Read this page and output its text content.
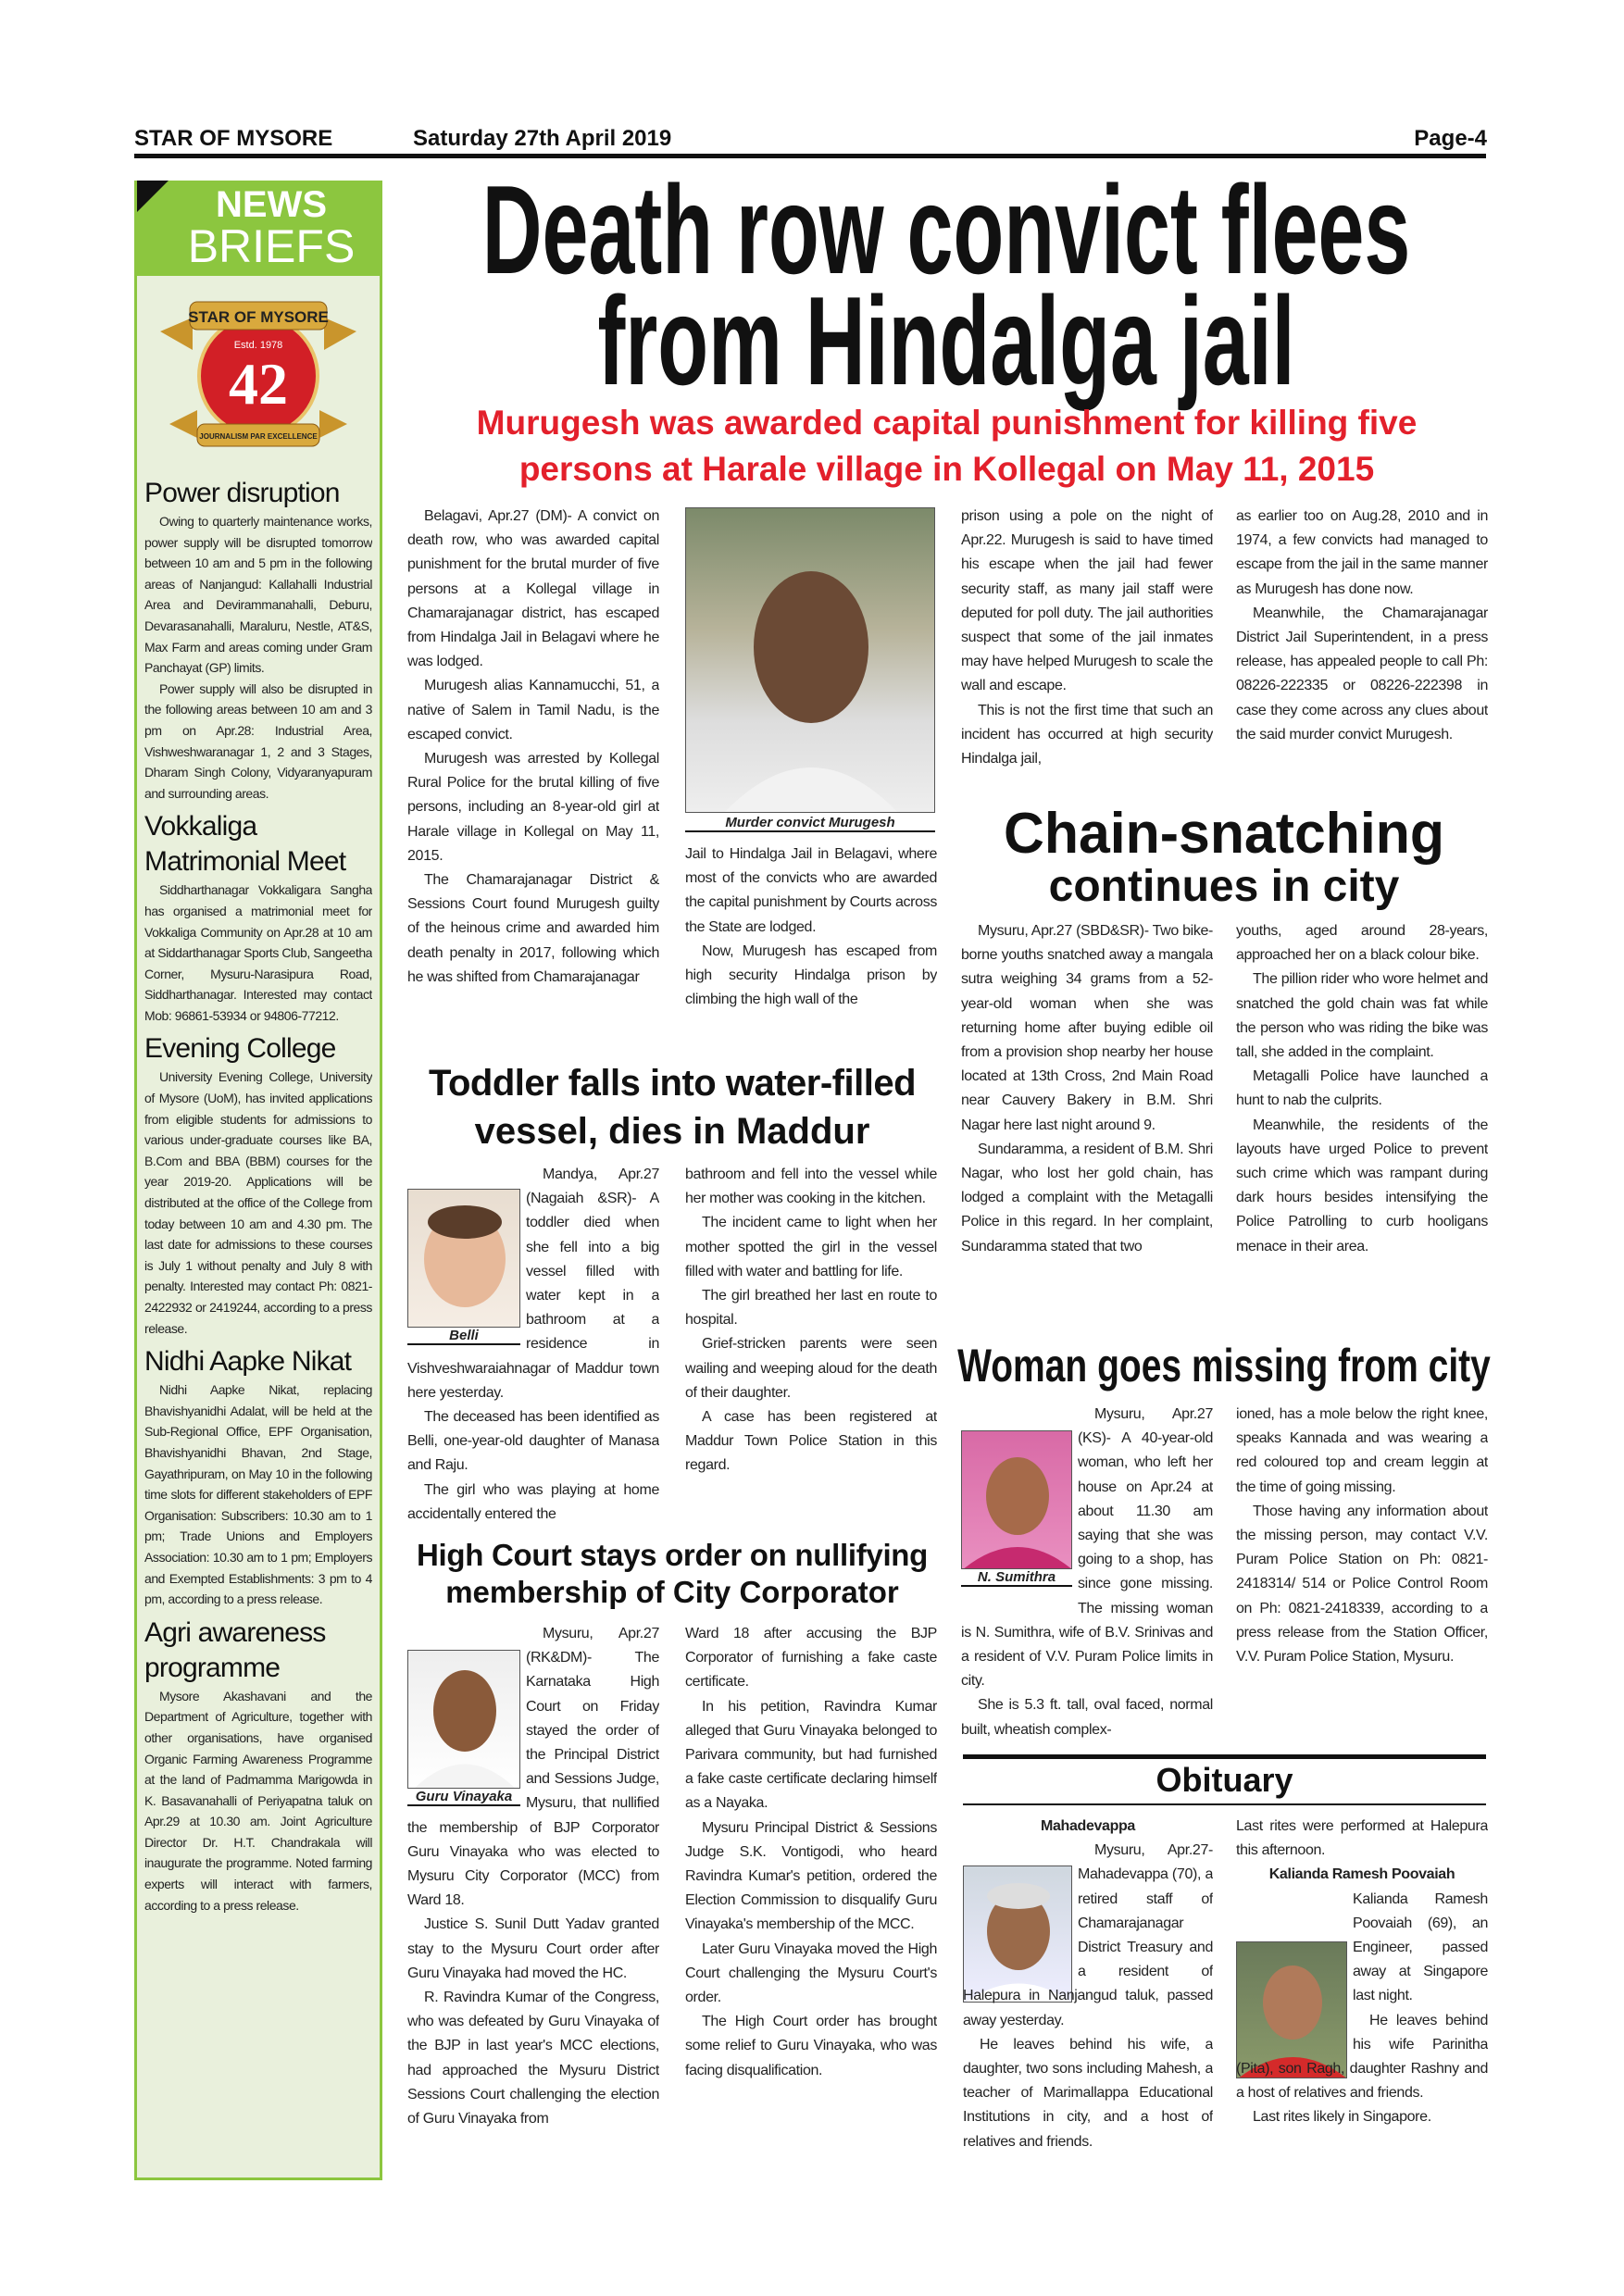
STAR OF MYSORE	Saturday 27th April 2019	Page-4
NEWS
BRIEFS
STAR OF MYSORE
Estd. 1978
42
JOURNALISM PAR EXCELLENCE
Power disruption

Owing to quarterly maintenance works, power supply will be disrupted tomorrow between 10 am and 5 pm in the following areas of Nanjangud: Kallahalli Industrial Area and Devirammanahalli, Deburu, Devarasanahalli, Maraluru, Nestle, AT&S, Max Farm and areas coming under Gram Panchayat (GP) limits.

Power supply will also be disrupted in the following areas between 10 am and 3 pm on Apr.28: Industrial Area, Vishweshwaranagar 1, 2 and 3 Stages, Dharam Singh Colony, Vidyaranyapuram and surrounding areas.

Vokkaliga Matrimonial Meet

Siddharthanagar Vokkaligara Sangha has organised a matrimonial meet for Vokkaliga Community on Apr.28 at 10 am at Siddarthanagar Sports Club, Sangeetha Corner, Mysuru-Narasipura Road, Siddharthanagar. Interested may contact Mob: 96861-53934 or 94806-77212.

Evening College

University Evening College, University of Mysore (UoM), has invited applications from eligible students for admissions to various under-graduate courses like BA, B.Com and BBA (BBM) courses for the year 2019-20. Applications will be distributed at the office of the College from today between 10 am and 4.30 pm. The last date for admissions to these courses is July 1 without penalty and July 8 with penalty. Interested may contact Ph: 0821-2422932 or 2419244, according to a press release.

Nidhi Aapke Nikat

Nidhi Aapke Nikat, replacing Bhavishyanidhi Adalat, will be held at the Sub-Regional Office, EPF Organisation, Bhavishyanidhi Bhavan, 2nd Stage, Gayathripuram, on May 10 in the following time slots for different stakeholders of EPF Organisation: Subscribers: 10.30 am to 1 pm; Trade Unions and Employers Association: 10.30 am to 1 pm; Employers and Exempted Establishments: 3 pm to 4 pm, according to a press release.

Agri awareness programme

Mysore Akashavani and the Department of Agriculture, together with other organisations, have organised Organic Farming Awareness Programme at the land of Padmamma Marigowda in K. Basavanahalli of Periyapatna taluk on Apr.29 at 10.30 am. Joint Agriculture Director Dr. H.T. Chandrakala will inaugurate the programme. Noted farming experts will interact with farmers, according to a press release.

Death row convict flees
from Hindalga jail
Murugesh was awarded capital punishment for killing five
persons at Harale village in Kollegal on May 11, 2015

Belagavi, Apr.27 (DM)- A convict on death row, who was awarded capital punishment for the brutal murder of five persons at a Kollegal village in Chamarajanagar district, has escaped from Hindalga Jail in Belagavi where he was lodged.

Murugesh alias Kannamucchi, 51, a native of Salem in Tamil Nadu, is the escaped convict.

Murugesh was arrested by Kollegal Rural Police for the brutal killing of five persons, including an 8-year-old girl at Harale village in Kollegal on May 11, 2015.

The Chamarajanagar District & Sessions Court found Murugesh guilty of the heinous crime and awarded him death penalty in 2017, following which he was shifted from Chamarajanagar

Murder convict Murugesh

Jail to Hindalga Jail in Belagavi, where most of the convicts who are awarded the capital punishment by Courts across the State are lodged.

Now, Murugesh has escaped from high security Hindalga prison by climbing the high wall of the

prison using a pole on the night of Apr.22. Murugesh is said to have timed his escape when the jail had fewer security staff, as many jail staff were deputed for poll duty. The jail authorities suspect that some of the jail inmates may have helped Murugesh to scale the wall and escape.

This is not the first time that such an incident has occurred at high security Hindalga jail,

as earlier too on Aug.28, 2010 and in 1974, a few convicts had managed to escape from the jail in the same manner as Murugesh has done now.

Meanwhile, the Chamarajanagar District Jail Superintendent, in a press release, has appealed people to call Ph: 08226-222335 or 08226-222398 in case they come across any clues about the said murder convict Murugesh.

Chain-snatching
continues in city

Mysuru, Apr.27 (SBD&SR)- Two bike-borne youths snatched away a mangala sutra weighing 34 grams from a 52-year-old woman when she was returning home after buying edible oil from a provision shop nearby her house located at 13th Cross, 2nd Main Road near Cauvery Bakery in B.M. Shri Nagar here last night around 9.

Sundaramma, a resident of B.M. Shri Nagar, who lost her gold chain, has lodged a complaint with the Metagalli Police in this regard. In her complaint, Sundaramma stated that two

youths, aged around 28-years, approached her on a black colour bike.

The pillion rider who wore helmet and snatched the gold chain was fat while the person who was riding the bike was tall, she added in the complaint.

Metagalli Police have launched a hunt to nab the culprits.

Meanwhile, the residents of the layouts have urged Police to prevent such crime which was rampant during dark hours besides intensifying the Police Patrolling to curb hooligans menace in their area.

Toddler falls into water-filled
vessel, dies in Maddur
Belli

Mandya, Apr.27 (Nagaiah &SR)- A toddler died when she fell into a big vessel filled with water kept in a bathroom at a residence in Vishveshwaraiahnagar of Maddur town here yesterday.

The deceased has been identified as Belli, one-year-old daughter of Manasa and Raju.

The girl who was playing at home accidentally entered the

bathroom and fell into the vessel while her mother was cooking in the kitchen.

The incident came to light when her mother spotted the girl in the vessel filled with water and battling for life.

The girl breathed her last en route to hospital.

Grief-stricken parents were seen wailing and weeping aloud for the death of their daughter.

A case has been registered at Maddur Town Police Station in this regard.

High Court stays order on nullifying
membership of City Corporator
Guru Vinayaka

Mysuru, Apr.27 (RK&DM)- The Karnataka High Court on Friday stayed the order of the Principal District and Sessions Judge, Mysuru, that nullified the membership of BJP Corporator Guru Vinayaka who was elected to Mysuru City Corporator (MCC) from Ward 18.

Justice S. Sunil Dutt Yadav granted stay to the Mysuru Court order after Guru Vinayaka had moved the HC.

R. Ravindra Kumar of the Congress, who was defeated by Guru Vinayaka of the BJP in last year's MCC elections, had approached the Mysuru District Sessions Court challenging the election of Guru Vinayaka from

Ward 18 after accusing the BJP Corporator of furnishing a fake caste certificate.

In his petition, Ravindra Kumar alleged that Guru Vinayaka belonged to Parivara community, but had furnished a fake caste certificate declaring himself as a Nayaka.

Mysuru Principal District & Sessions Judge S.K. Vontigodi, who heard Ravindra Kumar's petition, ordered the Election Commission to disqualify Guru Vinayaka's membership of the MCC.

Later Guru Vinayaka moved the High Court challenging the Mysuru Court's order.

The High Court order has brought some relief to Guru Vinayaka, who was facing disqualification.

Woman goes missing from city
N. Sumithra

Mysuru, Apr.27 (KS)- A 40-year-old woman, who left her house on Apr.24 at about 11.30 am saying that she was going to a shop, has since gone missing. The missing woman is N. Sumithra, wife of B.V. Srinivas and a resident of V.V. Puram Police limits in city.

She is 5.3 ft. tall, oval faced, normal built, wheatish complex-

ioned, has a mole below the right knee, speaks Kannada and was wearing a red coloured top and cream leggin at the time of going missing.

Those having any information about the missing person, may contact V.V. Puram Police Station on Ph: 0821-2418314/ 514 or Police Control Room on Ph: 0821-2418339, according to a press release from the Station Officer, V.V. Puram Police Station, Mysuru.

Obituary

Mahadevappa

Mysuru, Apr.27- Mahadevappa (70), a retired staff of Chamarajanagar District Treasury and a resident of Halepura in Nanjangud taluk, passed away yesterday.

He leaves behind his wife, a daughter, two sons including Mahesh, a teacher of Marimallappa Educational Institutions in city, and a host of relatives and friends.

Last rites were performed at Halepura this afternoon.

Kalianda Ramesh Poovaiah

Kalianda Ramesh Poovaiah (69), an Engineer, passed away at Singapore last night.

He leaves behind his wife Parinitha (Pita), son Ragh, daughter Rashny and a host of relatives and friends.

Last rites likely in Singapore.
